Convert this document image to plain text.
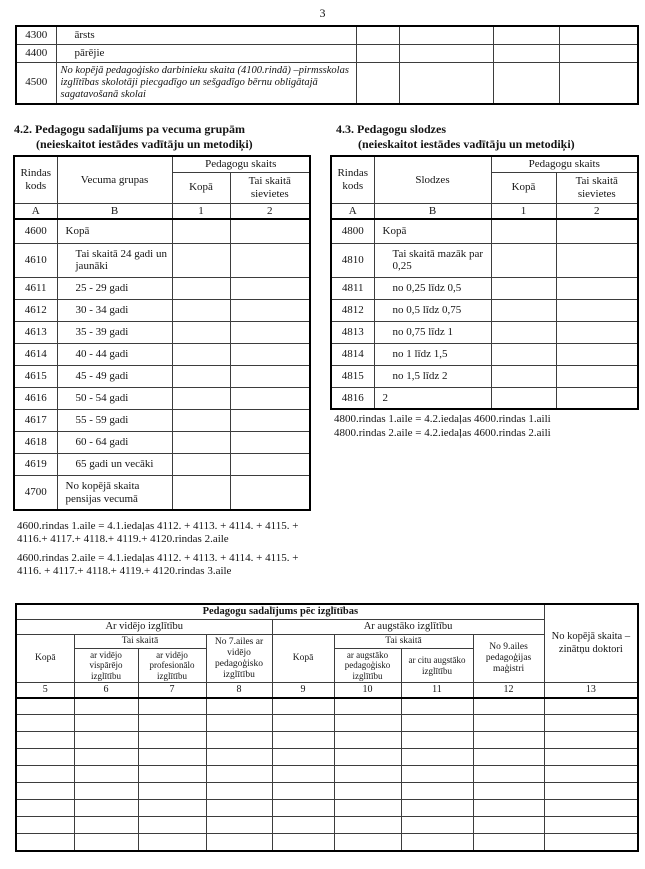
3
4300	ārsts				
4400	pārējie				
4500	No kopējā pedagoģisko darbinieku skaita (4100.rindā) –pirmsskolas izglītības skolotāji piecgadīgo un sešgadīgo bērnu obligātajā sagatavošanā skolai				
4.2. Pedagogu sadalījums pa vecuma grupām
(neieskaitot iestādes vadītāju un metodiķi)
Rindas kods	Vecuma grupas	Pedagogu skaits	
		Kopā	Tai skaitā sievietes
A	B	1	2
4600	Kopā		
4610	Tai skaitā 24 gadi un jaunāki		
4611	25 - 29 gadi		
4612	30 - 34 gadi		
4613	35 - 39 gadi		
4614	40 - 44 gadi		
4615	45 - 49 gadi		
4616	50 - 54 gadi		
4617	55 - 59 gadi		
4618	60 - 64 gadi		
4619	65 gadi un vecāki		
4700	No kopējā skaita pensijas vecumā		

4600.rindas 1.aile = 4.1.iedaļas 4112. + 4113. + 4114. + 4115. + 4116.+ 4117.+ 4118.+ 4119.+ 4120.rindas 2.aile

4600.rindas 2.aile = 4.1.iedaļas 4112. + 4113. + 4114. + 4115. + 4116. + 4117.+ 4118.+ 4119.+ 4120.rindas 3.aile

4.3. Pedagogu slodzes
(neieskaitot iestādes vadītāju un metodiķi)
Rindas kods	Slodzes	Pedagogu skaits	
		Kopā	Tai skaitā sievietes
A	B	1	2
4800	Kopā		
4810	Tai skaitā mazāk par 0,25		
4811	no 0,25 līdz 0,5		
4812	no 0,5 līdz 0,75		
4813	no 0,75 līdz 1		
4814	no 1 līdz 1,5		
4815	no 1,5 līdz 2		
4816	2		

4800.rindas 1.aile = 4.2.iedaļas 4600.rindas 1.aili

4800.rindas 2.aile = 4.2.iedaļas 4600.rindas 2.aili

Pedagogu sadalījums pēc izglītības								No kopējā skaita – zinātņu doktori
Ar vidējo izglītību				Ar augstāko izglītību				
Kopā	Tai skaitā		No 7.ailes ar vidējo pedagoģisko izglītību	Kopā	Tai skaitā		No 9.ailes pedagoģijas maģistri	
	ar vidējo vispārējo izglītību	ar vidējo profesionālo izglītību			ar augstāko pedagoģisko izglītību	ar citu augstāko izglītību		
5	6	7	8	9	10	11	12	13
